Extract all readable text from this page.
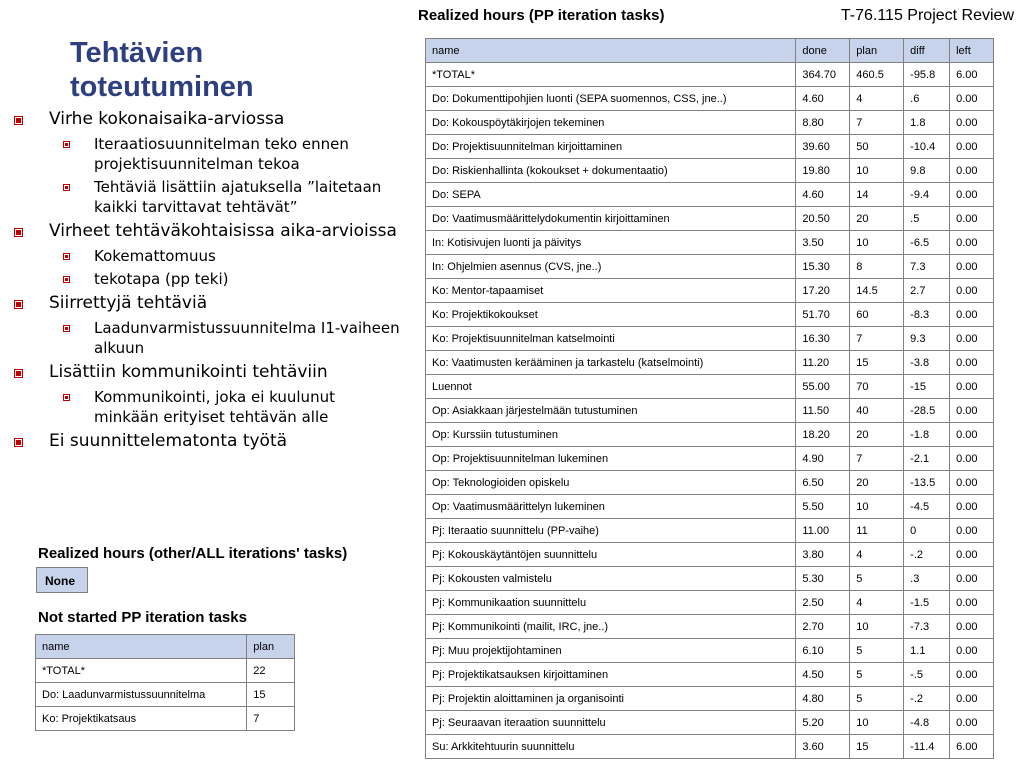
T-76.115 Project Review
Tehtävien
toteutuminen
Virhe kokonaisaika-arviossa
Iteraatiosuunnitelman teko ennen projektisuunnitelman tekoa
Tehtäviä lisättiin ajatuksella ”laitetaan kaikki tarvittavat tehtävät”
Virheet tehtäväkohtaisissa aika-arvioissa
Kokemattomuus
tekotapa (pp teki)
Siirrettyjä tehtäviä
Laadunvarmistussuunnitelma I1-vaiheen alkuun
Lisättiin kommunikointi tehtäviin
Kommunikointi, joka ei kuulunut minkään erityiset tehtävän alle
Ei suunnittelematonta työtä
Realized hours (PP iteration tasks)
name	done	plan	diff	left
*TOTAL*	364.70	460.5	-95.8	6.00
Do: Dokumenttipohjien luonti (SEPA suomennos, CSS, jne..)	4.60	4	.6	0.00
Do: Kokouspöytäkirjojen tekeminen	8.80	7	1.8	0.00
Do: Projektisuunnitelman kirjoittaminen	39.60	50	-10.4	0.00
Do: Riskienhallinta (kokoukset + dokumentaatio)	19.80	10	9.8	0.00
Do: SEPA	4.60	14	-9.4	0.00
Do: Vaatimusmäärittelydokumentin kirjoittaminen	20.50	20	.5	0.00
In: Kotisivujen luonti ja päivitys	3.50	10	-6.5	0.00
In: Ohjelmien asennus (CVS, jne..)	15.30	8	7.3	0.00
Ko: Mentor-tapaamiset	17.20	14.5	2.7	0.00
Ko: Projektikokoukset	51.70	60	-8.3	0.00
Ko: Projektisuunnitelman katselmointi	16.30	7	9.3	0.00
Ko: Vaatimusten kerääminen ja tarkastelu (katselmointi)	11.20	15	-3.8	0.00
Luennot	55.00	70	-15	0.00
Op: Asiakkaan järjestelmään tutustuminen	11.50	40	-28.5	0.00
Op: Kurssiin tutustuminen	18.20	20	-1.8	0.00
Op: Projektisuunnitelman lukeminen	4.90	7	-2.1	0.00
Op: Teknologioiden opiskelu	6.50	20	-13.5	0.00
Op: Vaatimusmäärittelyn lukeminen	5.50	10	-4.5	0.00
Pj: Iteraatio suunnittelu (PP-vaihe)	11.00	11	0	0.00
Pj: Kokouskäytäntöjen suunnittelu	3.80	4	-.2	0.00
Pj: Kokousten valmistelu	5.30	5	.3	0.00
Pj: Kommunikaation suunnittelu	2.50	4	-1.5	0.00
Pj: Kommunikointi (mailit, IRC, jne..)	2.70	10	-7.3	0.00
Pj: Muu projektijohtaminen	6.10	5	1.1	0.00
Pj: Projektikatsauksen kirjoittaminen	4.50	5	-.5	0.00
Pj: Projektin aloittaminen ja organisointi	4.80	5	-.2	0.00
Pj: Seuraavan iteraation suunnittelu	5.20	10	-4.8	0.00
Su: Arkkitehtuurin suunnittelu	3.60	15	-11.4	6.00
Realized hours (other/ALL iterations' tasks)
None
Not started PP iteration tasks
name	plan
*TOTAL*	22
Do: Laadunvarmistussuunnitelma	15
Ko: Projektikatsaus	7
